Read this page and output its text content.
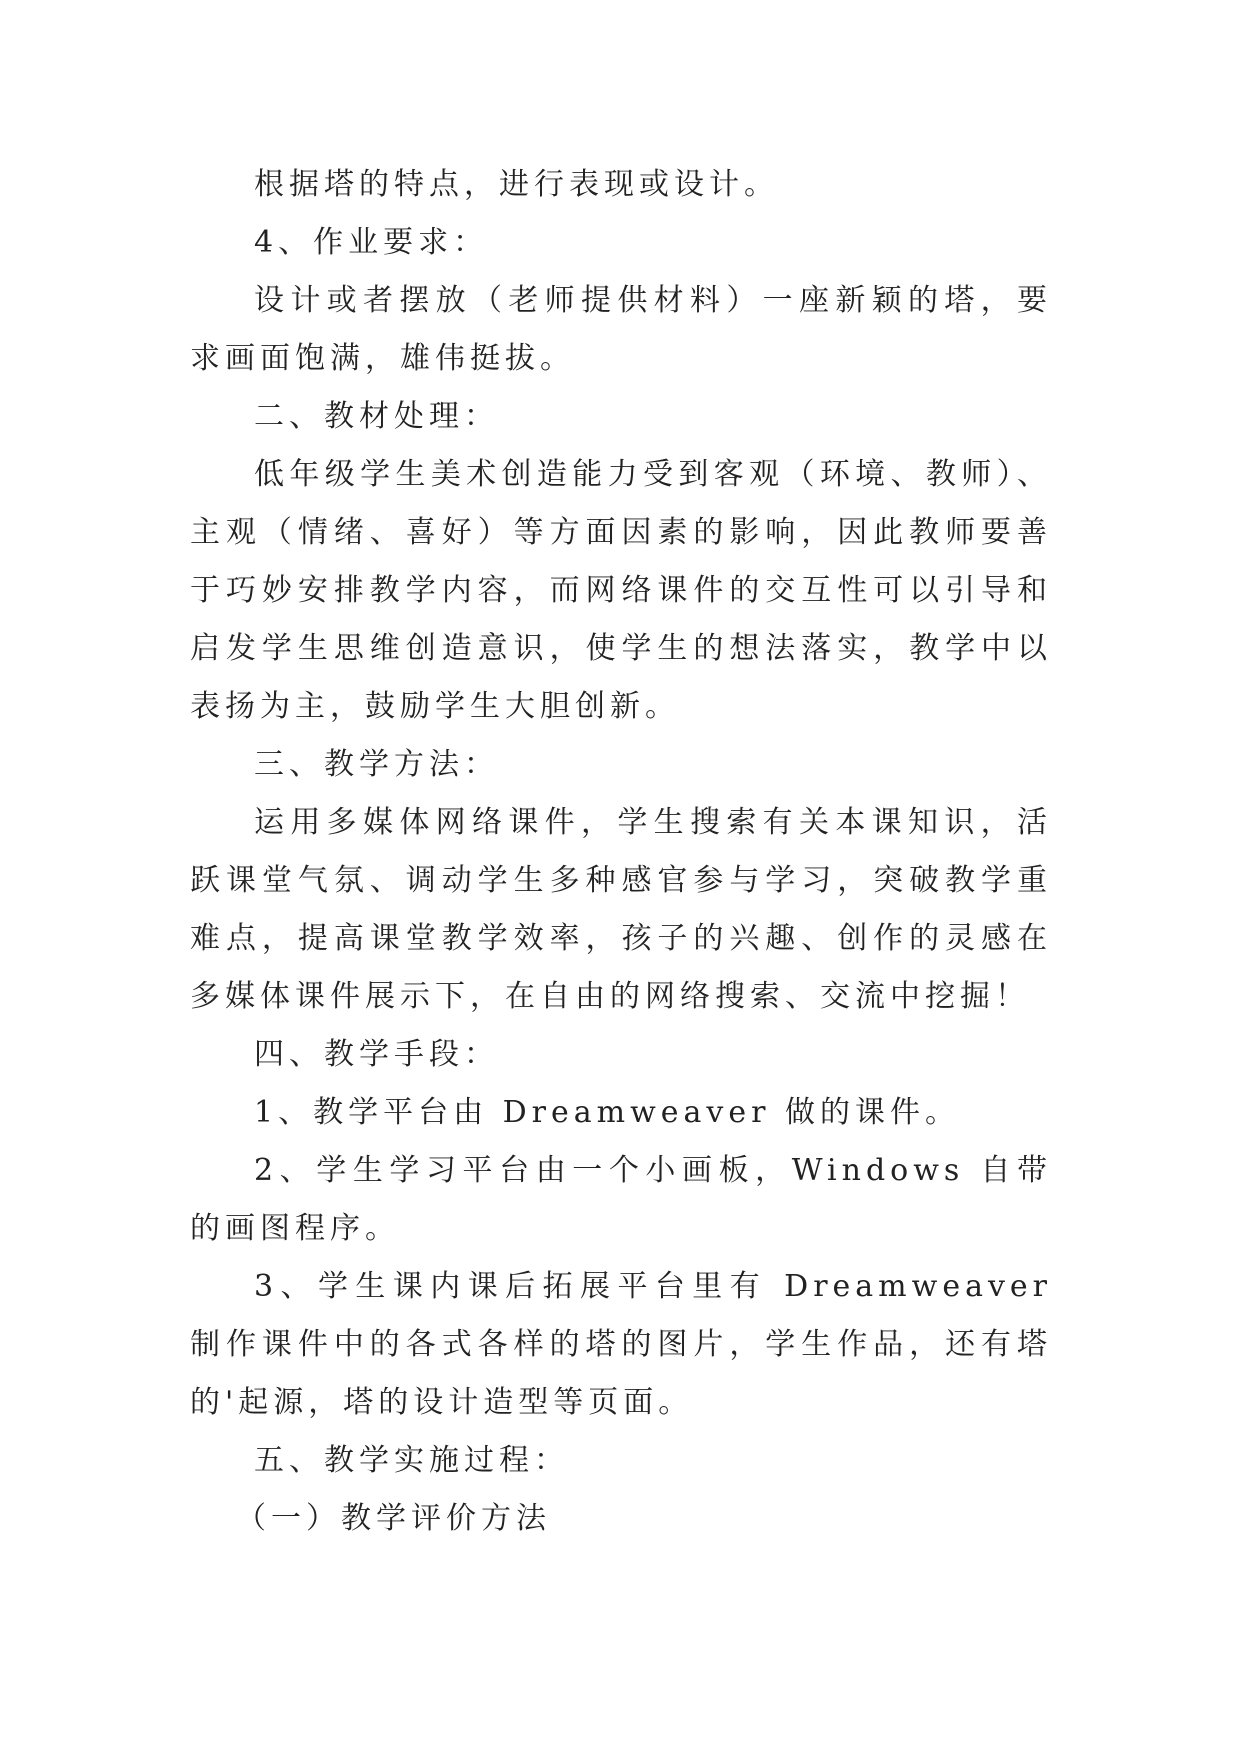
根据塔的特点，进行表现或设计。

4、作业要求：

设计或者摆放（老师提供材料）一座新颖的塔，要求画面饱满，雄伟挺拔。

二、教材处理：

低年级学生美术创造能力受到客观（环境、教师）、主观（情绪、喜好）等方面因素的影响，因此教师要善于巧妙安排教学内容，而网络课件的交互性可以引导和启发学生思维创造意识，使学生的想法落实，教学中以表扬为主，鼓励学生大胆创新。

三、教学方法：

运用多媒体网络课件，学生搜索有关本课知识，活跃课堂气氛、调动学生多种感官参与学习，突破教学重难点，提高课堂教学效率，孩子的兴趣、创作的灵感在多媒体课件展示下，在自由的网络搜索、交流中挖掘！

四、教学手段：

1、教学平台由 Dreamweaver 做的课件。

2、学生学习平台由一个小画板，Windows 自带的画图程序。

3、学生课内课后拓展平台里有 Dreamweaver 制作课件中的各式各样的塔的图片，学生作品，还有塔的'起源，塔的设计造型等页面。

五、教学实施过程：

（一）教学评价方法
